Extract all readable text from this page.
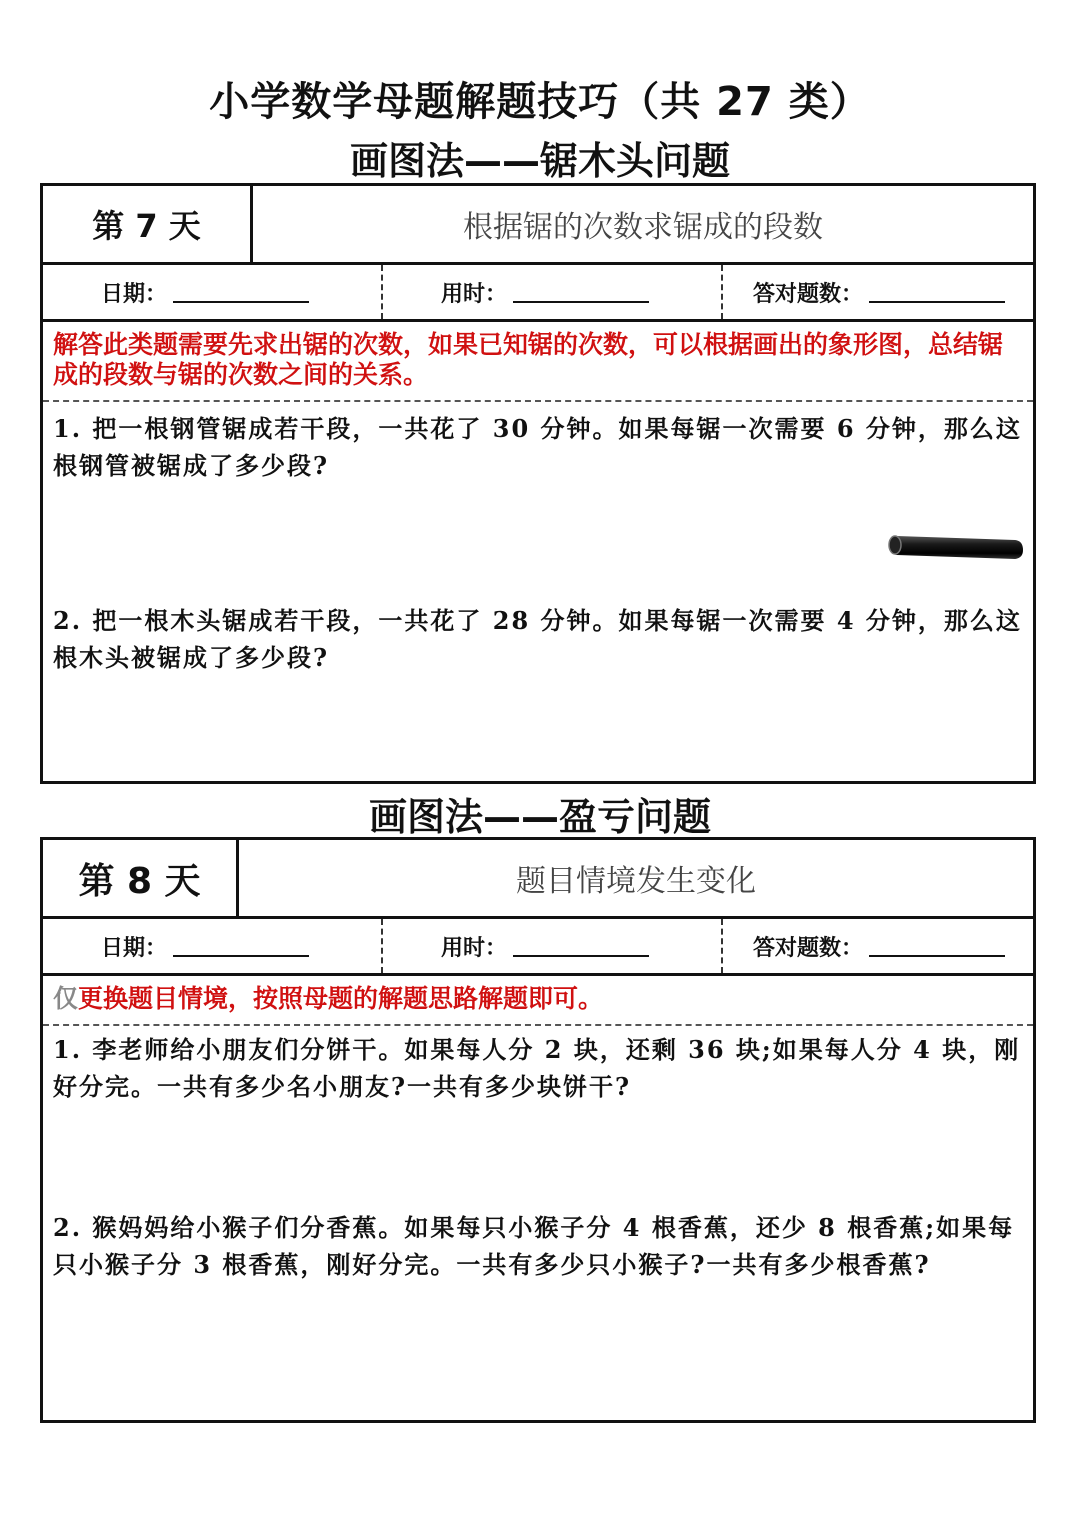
小学数学母题解题技巧（共 27 类）
画图法——锯木头问题
第 7 天	根据锯的次数求锯成的段数
日期：	用时：	答对题数：
解答此类题需要先求出锯的次数，如果已知锯的次数，可以根据画出的象形图，总结锯成的段数与锯的次数之间的关系。
1. 把一根钢管锯成若干段，一共花了 30 分钟。如果每锯一次需要 6 分钟，那么这根钢管被锯成了多少段?
2. 把一根木头锯成若干段，一共花了 28 分钟。如果每锯一次需要 4 分钟，那么这根木头被锯成了多少段?
画图法——盈亏问题
第 8 天	题目情境发生变化
日期：	用时：	答对题数：
仅更换题目情境，按照母题的解题思路解题即可。
1. 李老师给小朋友们分饼干。如果每人分 2 块，还剩 36 块;如果每人分 4 块，刚好分完。一共有多少名小朋友?一共有多少块饼干?
2. 猴妈妈给小猴子们分香蕉。如果每只小猴子分 4 根香蕉，还少 8 根香蕉;如果每只小猴子分 3 根香蕉，刚好分完。一共有多少只小猴子?一共有多少根香蕉?
